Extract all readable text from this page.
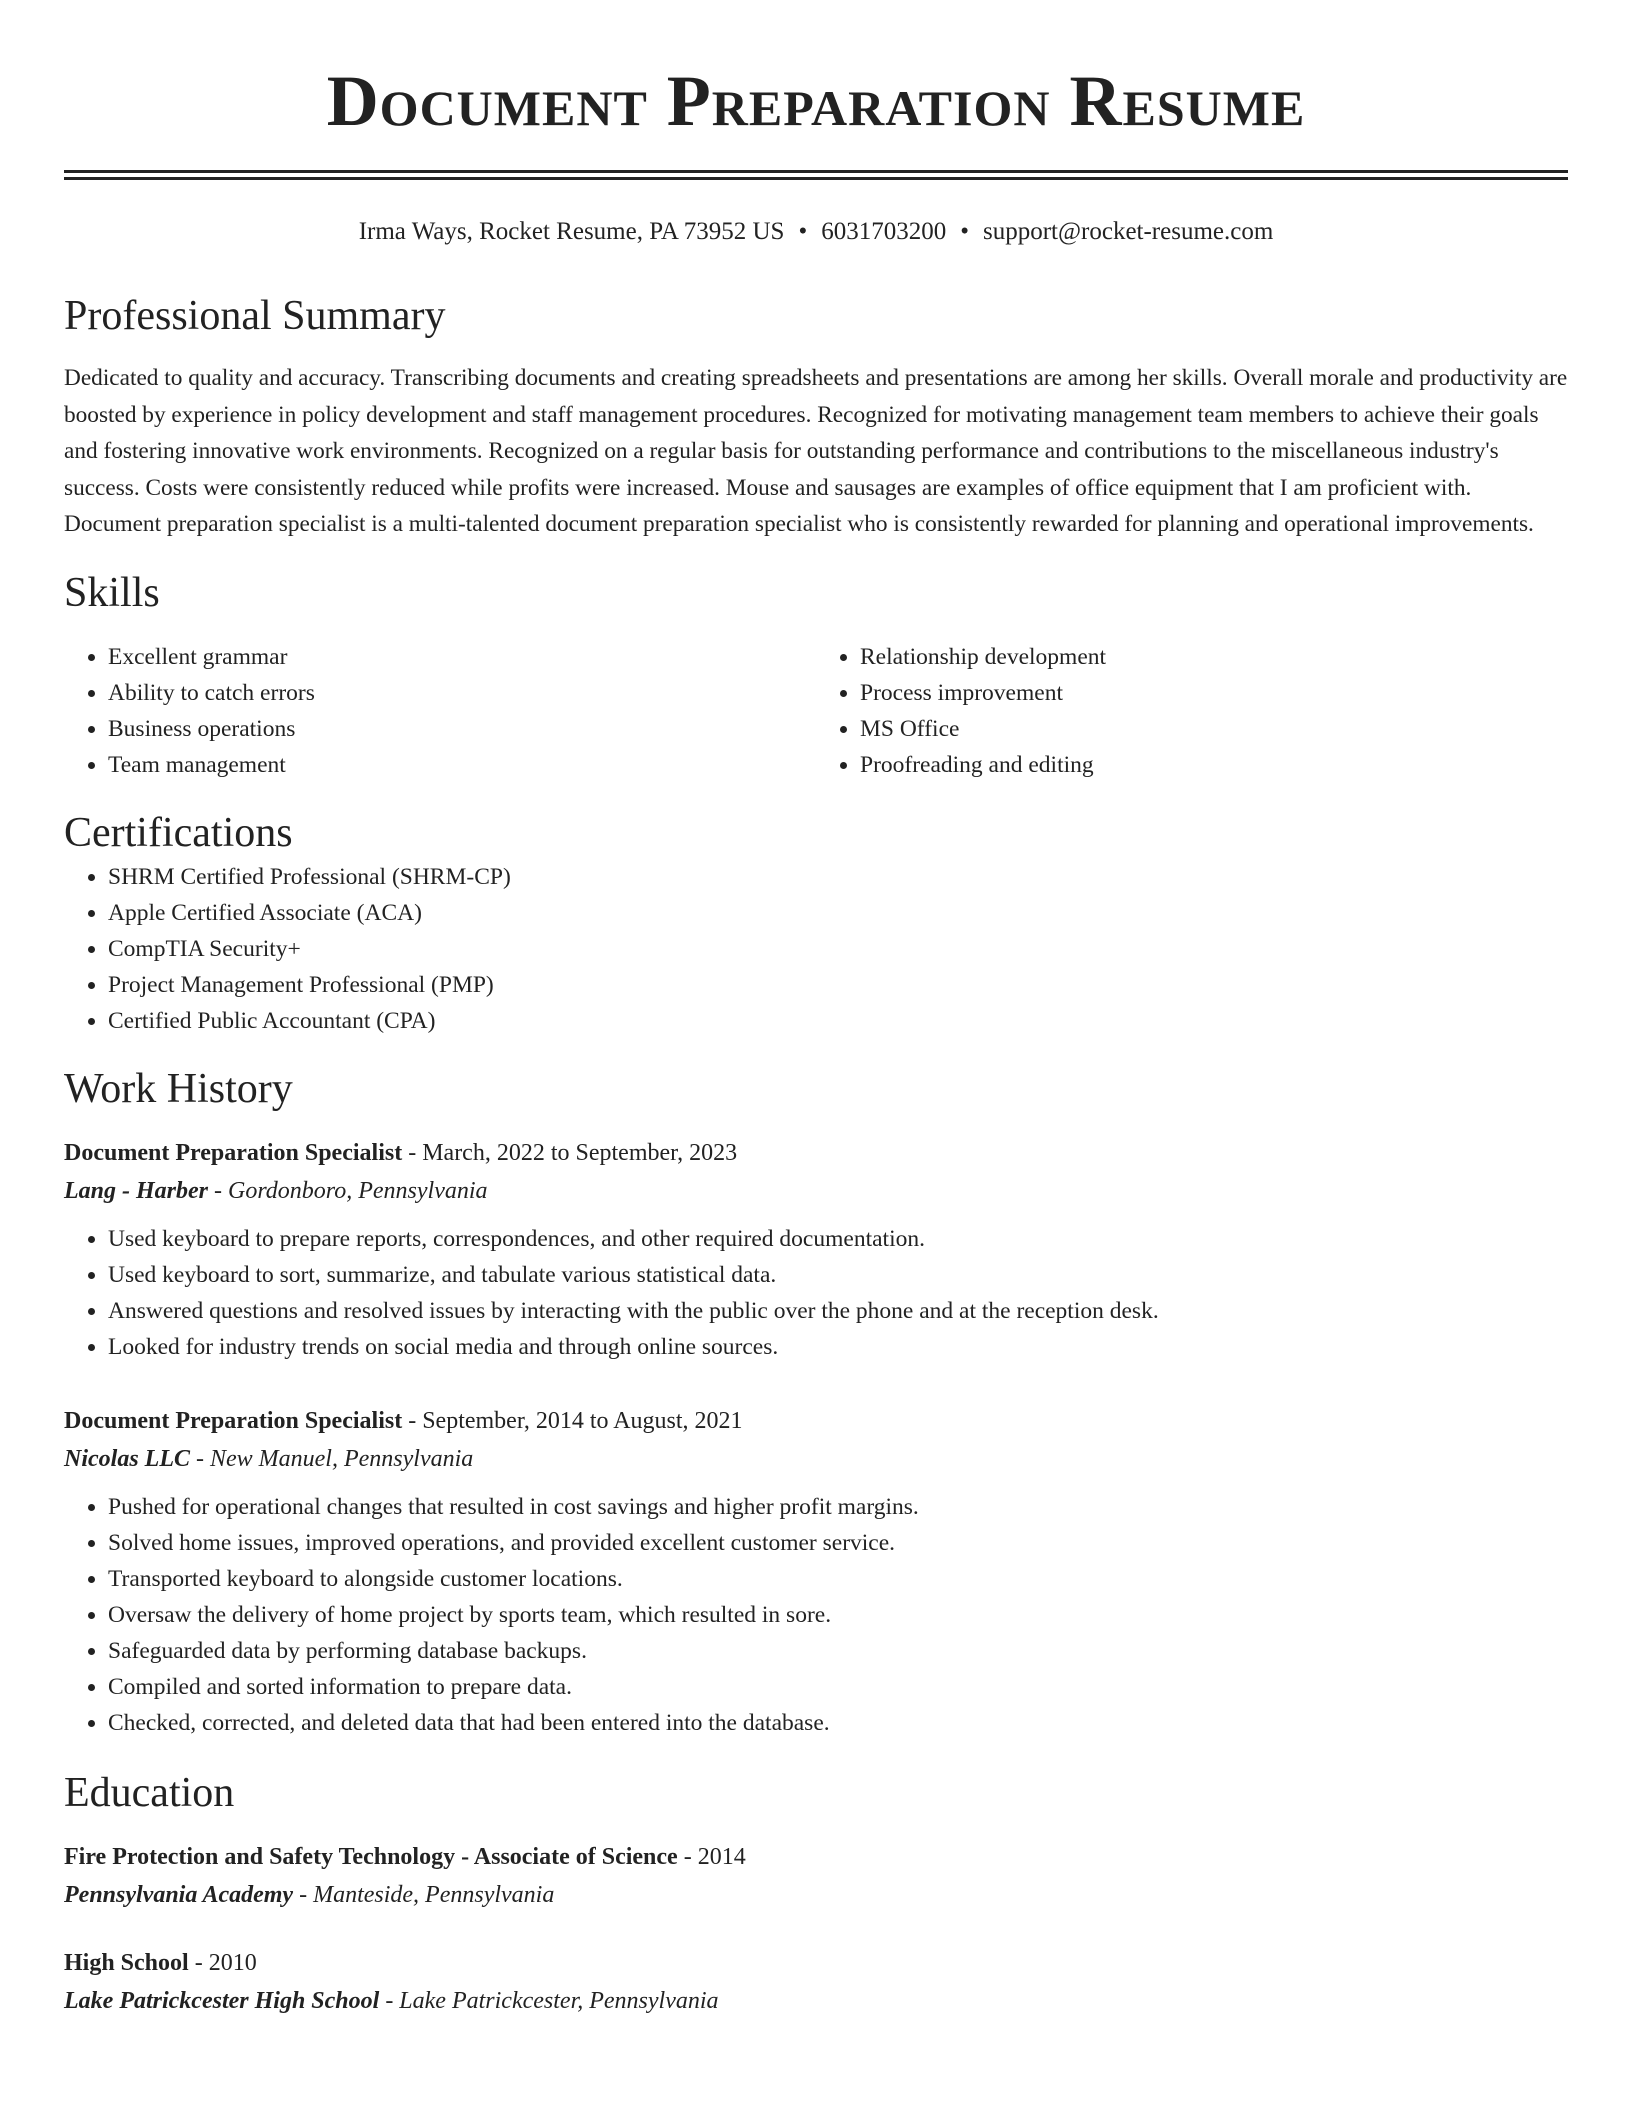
Document Preparation Resume
Irma Ways, Rocket Resume, PA 73952 US • 6031703200 • support@rocket-resume.com
Professional Summary

Dedicated to quality and accuracy. Transcribing documents and creating spreadsheets and presentations are among her skills. Overall morale and productivity are boosted by experience in policy development and staff management procedures. Recognized for motivating management team members to achieve their goals and fostering innovative work environments. Recognized on a regular basis for outstanding performance and contributions to the miscellaneous industry's success. Costs were consistently reduced while profits were increased. Mouse and sausages are examples of office equipment that I am proficient with. Document preparation specialist is a multi-talented document preparation specialist who is consistently rewarded for planning and operational improvements.

Skills
• Excellent grammar
• Ability to catch errors
• Business operations
• Team management
• Relationship development
• Process improvement
• MS Office
• Proofreading and editing
Certifications
• SHRM Certified Professional (SHRM-CP)
• Apple Certified Associate (ACA)
• CompTIA Security+
• Project Management Professional (PMP)
• Certified Public Accountant (CPA)
Work History
Document Preparation Specialist - March, 2022 to September, 2023
Lang - Harber - Gordonboro, Pennsylvania
• Used keyboard to prepare reports, correspondences, and other required documentation.
• Used keyboard to sort, summarize, and tabulate various statistical data.
• Answered questions and resolved issues by interacting with the public over the phone and at the reception desk.
• Looked for industry trends on social media and through online sources.
Document Preparation Specialist - September, 2014 to August, 2021
Nicolas LLC - New Manuel, Pennsylvania
• Pushed for operational changes that resulted in cost savings and higher profit margins.
• Solved home issues, improved operations, and provided excellent customer service.
• Transported keyboard to alongside customer locations.
• Oversaw the delivery of home project by sports team, which resulted in sore.
• Safeguarded data by performing database backups.
• Compiled and sorted information to prepare data.
• Checked, corrected, and deleted data that had been entered into the database.
Education
Fire Protection and Safety Technology - Associate of Science - 2014
Pennsylvania Academy - Manteside, Pennsylvania
High School - 2010
Lake Patrickcester High School - Lake Patrickcester, Pennsylvania
